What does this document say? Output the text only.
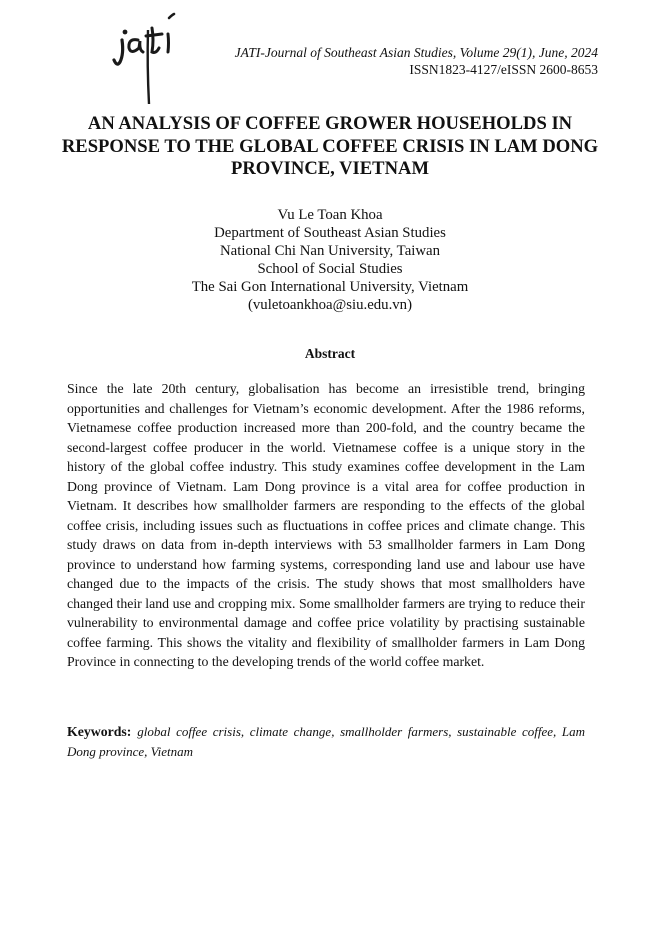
JATI-Journal of Southeast Asian Studies, Volume 29(1), June, 2024
ISSN1823-4127/eISSN 2600-8653
AN ANALYSIS OF COFFEE GROWER HOUSEHOLDS IN RESPONSE TO THE GLOBAL COFFEE CRISIS IN LAM DONG PROVINCE, VIETNAM
Vu Le Toan Khoa
Department of Southeast Asian Studies
National Chi Nan University, Taiwan
School of Social Studies
The Sai Gon International University, Vietnam
(vuletoankhoa@siu.edu.vn)
Abstract
Since the late 20th century, globalisation has become an irresistible trend, bringing opportunities and challenges for Vietnam’s economic development. After the 1986 reforms, Vietnamese coffee production increased more than 200-fold, and the country became the second-largest coffee producer in the world. Vietnamese coffee is a unique story in the history of the global coffee industry. This study examines coffee development in the Lam Dong province of Vietnam. Lam Dong province is a vital area for coffee production in Vietnam. It describes how smallholder farmers are responding to the effects of the global coffee crisis, including issues such as fluctuations in coffee prices and climate change. This study draws on data from in-depth interviews with 53 smallholder farmers in Lam Dong province to understand how farming systems, corresponding land use and labour use have changed due to the impacts of the crisis. The study shows that most smallholders have changed their land use and cropping mix. Some smallholder farmers are trying to reduce their vulnerability to environmental damage and coffee price volatility by practising sustainable coffee farming. This shows the vitality and flexibility of smallholder farmers in Lam Dong Province in connecting to the developing trends of the world coffee market.
Keywords: global coffee crisis, climate change, smallholder farmers, sustainable coffee, Lam Dong province, Vietnam
